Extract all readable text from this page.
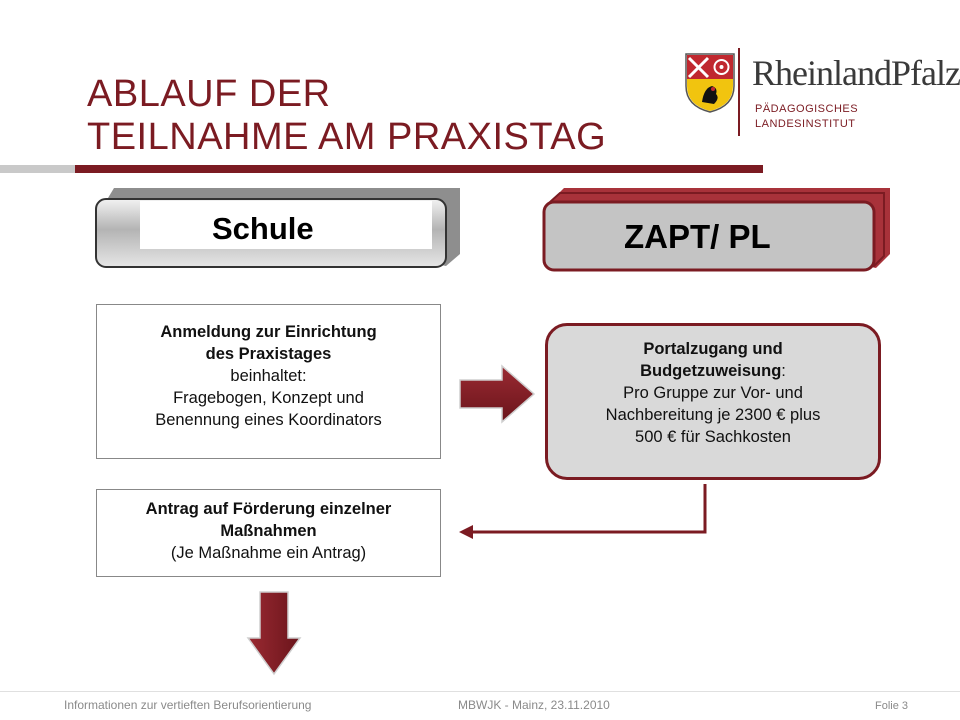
ABLAUF DER
TEILNAHME AM PRAXISTAG
RheinlandPfalz
PÄDAGOGISCHES
LANDESINSTITUT
Schule	ZAPT/ PL

Anmeldung zur Einrichtung

des Praxistages

beinhaltet:

Fragebogen, Konzept und

Benennung eines Koordinators

Portalzugang und

Budgetzuweisung:

Pro Gruppe zur Vor- und

Nachbereitung je 2300 € plus

500 € für Sachkosten

Antrag auf Förderung einzelner

Maßnahmen

(Je Maßnahme ein Antrag)

Informationen zur vertieften Berufsorientierung	MBWJK - Mainz, 23.11.2010	Folie 3
